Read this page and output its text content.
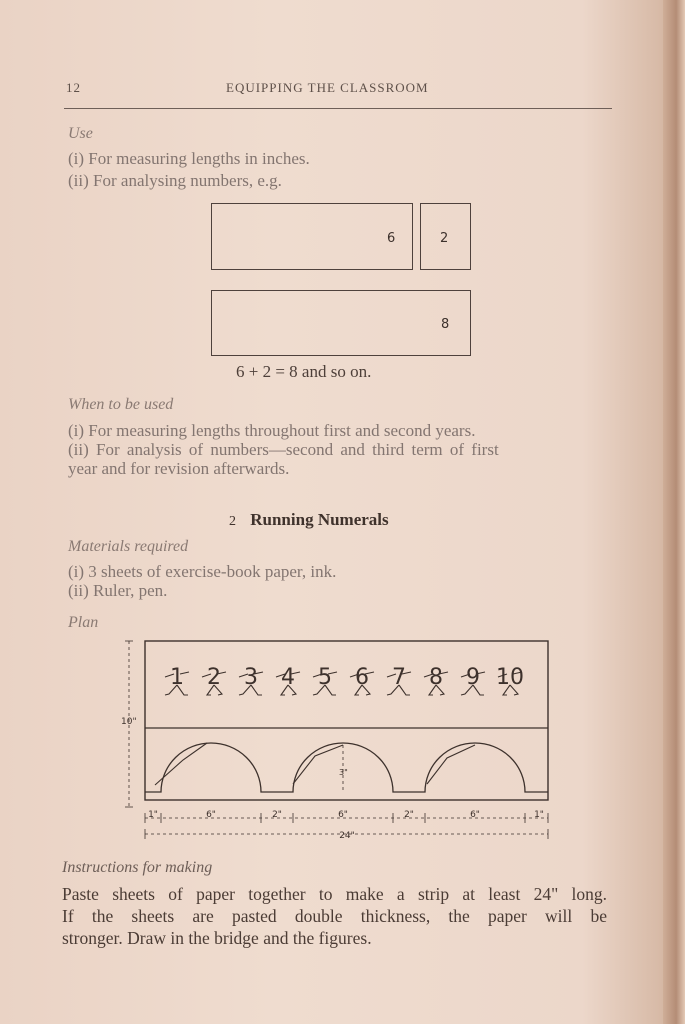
12	EQUIPPING THE CLASSROOM
Use
(i) For measuring lengths in inches.
(ii) For analysing numbers, e.g.
6	2
8
6 + 2 = 8 and so on.
When to be used
(i) For measuring lengths throughout first and second years.
(ii) For analysis of numbers—second and third term of first
year and for revision afterwards.
2 Running Numerals
Materials required
(i) 3 sheets of exercise-book paper, ink.
(ii) Ruler, pen.
Plan
3"
10"
1"	6"	2"	6"	2"	6"	1"
24"
1 2 3 4 5 6 7 8 9 10
Instructions for making
Paste sheets of paper together to make a strip at least 24" long.
If the sheets are pasted double thickness, the paper will be
stronger. Draw in the bridge and the figures.
